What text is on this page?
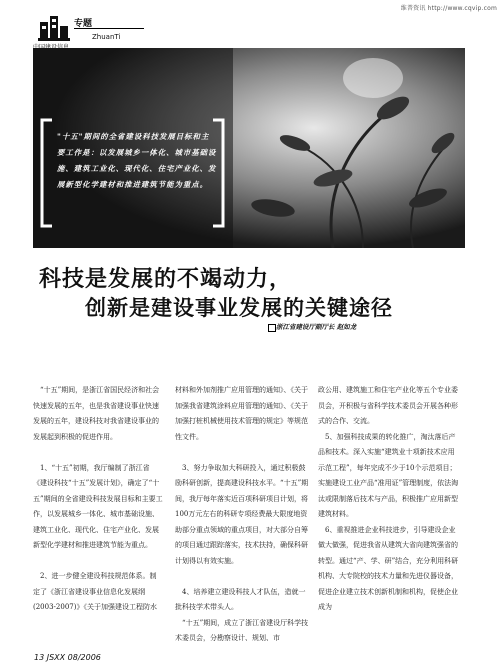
维普资讯 http://www.cqvip.com
专题
ZhuanTi
"十五"期间的全省建设科技发展目标和主要工作是：以发展城乡一体化、城市基础设施、建筑工业化、现代化、住宅产业化、发展新型化学建材和推进建筑节能为重点。
科技是发展的不竭动力，
创新是建设事业发展的关键途径
浙江省建设厅副厅长 赵如龙

“十五”期间，是浙江省国民经济和社会快速发展的五年，也是我省建设事业快速发展的五年，建设科技对我省建设事业的发展起到积极的促进作用。

1、“十五”初期，我厅编制了浙江省《建设科技“十五”发展计划》，确定了“十五”期间的全省建设科技发展目标和主要工作，以发展城乡一体化、城市基础设施、建筑工业化、现代化、住宅产业化、发展新型化学建材和推进建筑节能为重点。

2、进一步健全建设科技规范体系。制定了《浙江省建设事业信息化发展纲(2003-2007)》《关于加强建设工程防水

材料和外加剂推广应用管理的通知》、《关于加强我省建筑涂料应用管理的通知》、《关于加强打桩机械使用技术管理的规定》等规范性文件。

3、努力争取加大科研投入，通过积极鼓励科研创新，提高建设科技水平。“十五”期间，我厅每年落实近百项科研项目计划，将100万元左右的科研专项经费最大限度地资助部分重点领域的重点项目，对大部分自筹的项目通过跟踪落实，技术扶持，确保科研计划得以有效实施。

4、培养建立建设科技人才队伍，造就一批科技学术带头人。

“十五”期间，成立了浙江省建设厅科学技术委员会，分勘察设计、规划、市

政公用、建筑施工和住宅产业化等五个专业委员会，开积极与省科学技术委员会开展各种形式的合作、交流。

5、加强科技成果的转化推广，淘汰落后产品和技术。深入实施“建筑业十项新技术应用示范工程”，每年完成不少于10个示范项目；实施建设工业产品“准用证”管理制度，依法淘汰或限制落后技术与产品，积极推广应用新型建筑材料。

6、重视推进企业科技进步，引导建设企业做大做强，促进我省从建筑大省向建筑强省的转型。通过“产、学、研”结合，充分利用科研机构、大专院校的技术力量和先进仪器设备，促进企业建立技术创新机制和机构，促使企业成为

13 JSXX 08/2006
